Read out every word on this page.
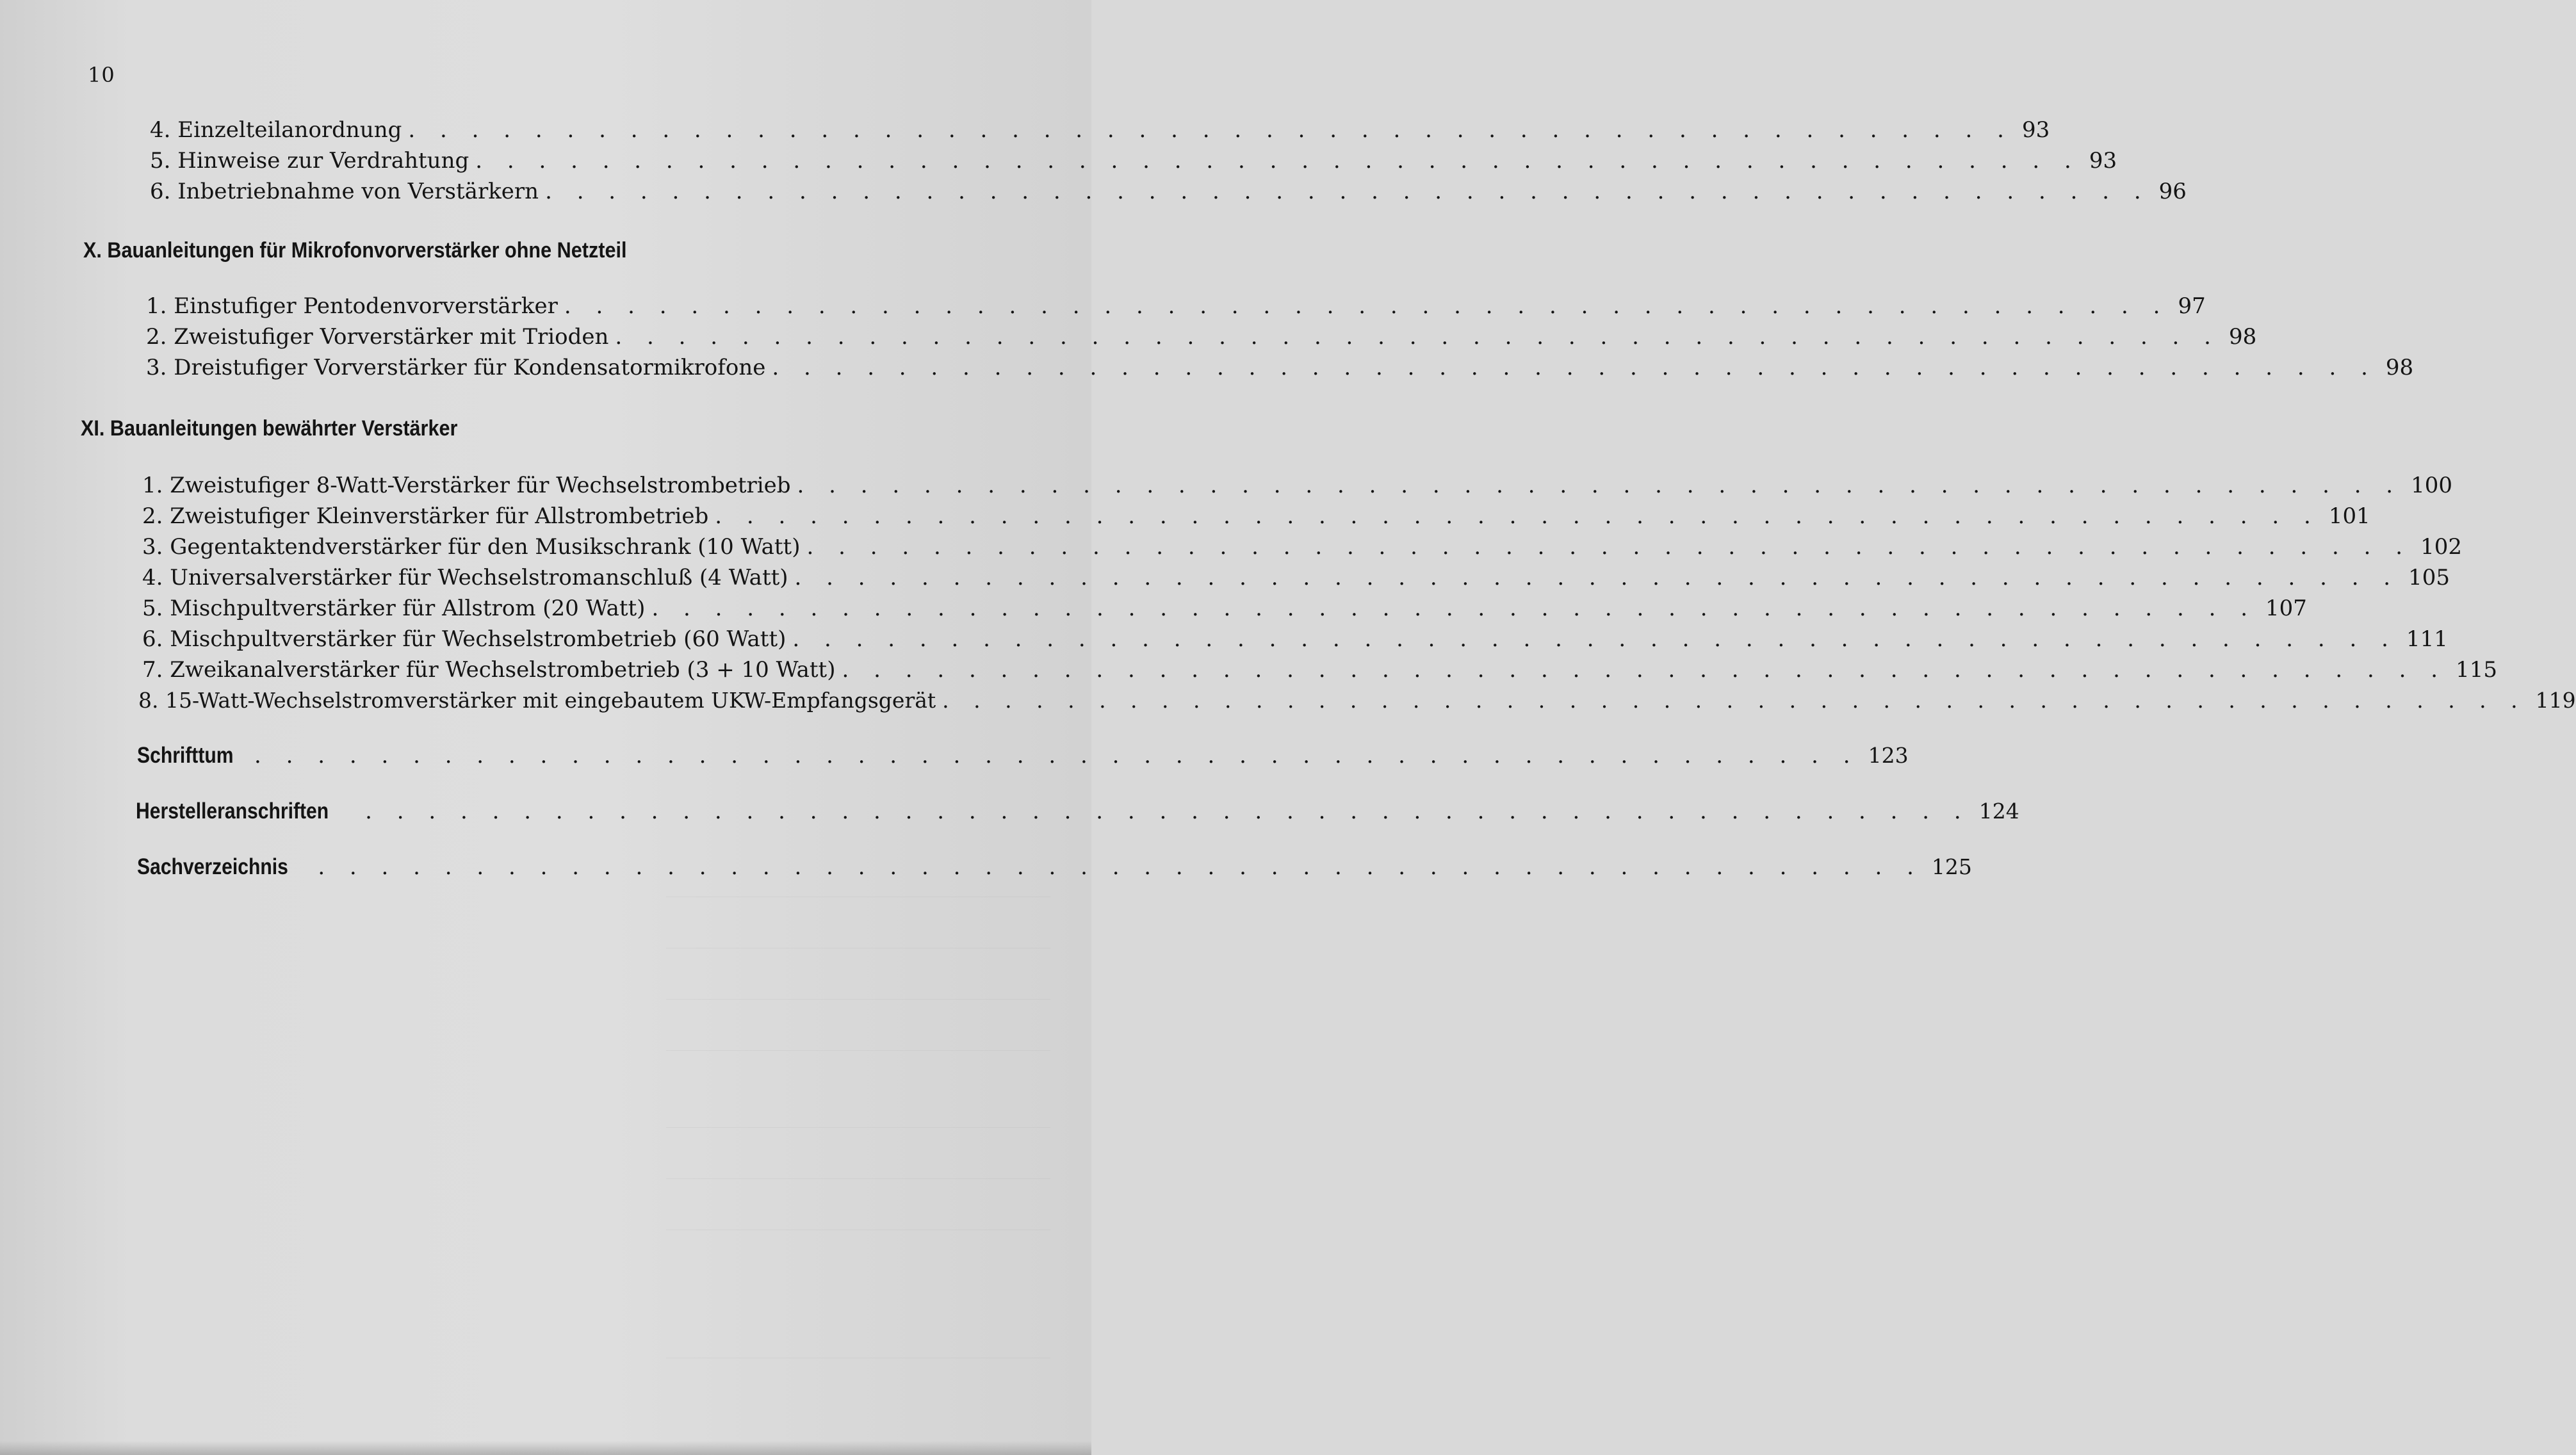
10
4. Einzelteilanordnung . . . . . . . . . . . . . . . . . . . . . . . . . . . . . . . . . . . . . . . . . . . . . . . . . . . 93
5. Hinweise zur Verdrahtung . . . . . . . . . . . . . . . . . . . . . . . . . . . . . . . . . . . . . . . . . . . . . . . . . . . 93
6. Inbetriebnahme von Verstärkern . . . . . . . . . . . . . . . . . . . . . . . . . . . . . . . . . . . . . . . . . . . . . . . . . . . 96
X. Bauanleitungen für Mikrofonvorverstärker ohne Netzteil
1. Einstufiger Pentodenvorverstärker . . . . . . . . . . . . . . . . . . . . . . . . . . . . . . . . . . . . . . . . . . . . . . . . . . . 97
2. Zweistufiger Vorverstärker mit Trioden . . . . . . . . . . . . . . . . . . . . . . . . . . . . . . . . . . . . . . . . . . . . . . . . . . . 98
3. Dreistufiger Vorverstärker für Kondensatormikrofone . . . . . . . . . . . . . . . . . . . . . . . . . . . . . . . . . . . . . . . . . . . . . . . . . . . 98
XI. Bauanleitungen bewährter Verstärker
1. Zweistufiger 8-Watt-Verstärker für Wechselstrombetrieb . . . . . . . . . . . . . . . . . . . . . . . . . . . . . . . . . . . . . . . . . . . . . . . . . . . 100
2. Zweistufiger Kleinverstärker für Allstrombetrieb . . . . . . . . . . . . . . . . . . . . . . . . . . . . . . . . . . . . . . . . . . . . . . . . . . . 101
3. Gegentaktendverstärker für den Musikschrank (10 Watt) . . . . . . . . . . . . . . . . . . . . . . . . . . . . . . . . . . . . . . . . . . . . . . . . . . . 102
4. Universalverstärker für Wechselstromanschluß (4 Watt) . . . . . . . . . . . . . . . . . . . . . . . . . . . . . . . . . . . . . . . . . . . . . . . . . . . 105
5. Mischpultverstärker für Allstrom (20 Watt) . . . . . . . . . . . . . . . . . . . . . . . . . . . . . . . . . . . . . . . . . . . . . . . . . . . 107
6. Mischpultverstärker für Wechselstrombetrieb (60 Watt) . . . . . . . . . . . . . . . . . . . . . . . . . . . . . . . . . . . . . . . . . . . . . . . . . . . 111
7. Zweikanalverstärker für Wechselstrombetrieb (3 + 10 Watt) . . . . . . . . . . . . . . . . . . . . . . . . . . . . . . . . . . . . . . . . . . . . . . . . . . . 115
8. 15-Watt-Wechselstromverstärker mit eingebautem UKW-Empfangsgerät . . . . . . . . . . . . . . . . . . . . . . . . . . . . . . . . . . . . . . . . . . . . . . . . . . . 119
Schrifttum . . . . . . . . . . . . . . . . . . . . . . . . . . . . . . . . . . . . . . . . . . . . . . . . . . . 123
Herstelleranschriften . . . . . . . . . . . . . . . . . . . . . . . . . . . . . . . . . . . . . . . . . . . . . . . . . . . 124
Sachverzeichnis . . . . . . . . . . . . . . . . . . . . . . . . . . . . . . . . . . . . . . . . . . . . . . . . . . . 125
